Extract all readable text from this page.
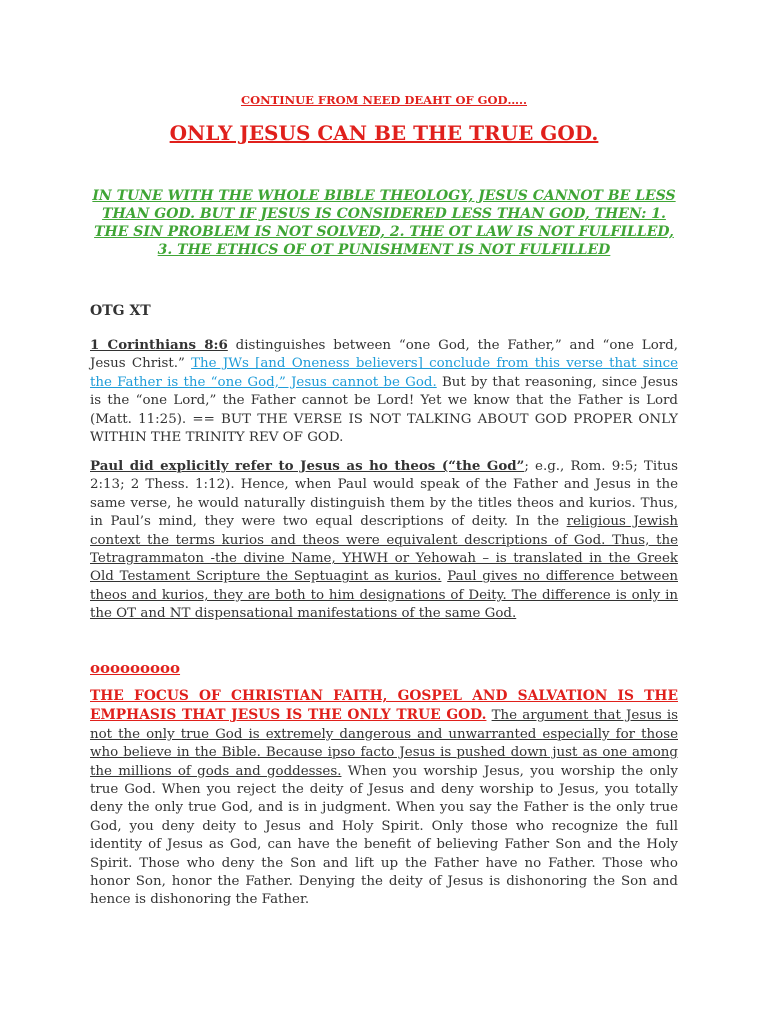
CONTINUE FROM NEED DEAHT OF GOD…..

ONLY JESUS CAN BE THE TRUE GOD.

IN TUNE WITH THE WHOLE BIBLE THEOLOGY, JESUS CANNOT BE LESS THAN GOD. BUT IF JESUS IS CONSIDERED LESS THAN GOD, THEN: 1. THE SIN PROBLEM IS NOT SOLVED, 2. THE OT LAW IS NOT FULFILLED, 3. THE ETHICS OF OT PUNISHMENT IS NOT FULFILLED

OTG XT

1 Corinthians 8:6 distinguishes between “one God, the Father,” and “one Lord, Jesus Christ.” The JWs [and Oneness believers] conclude from this verse that since the Father is the “one God,” Jesus cannot be God. But by that reasoning, since Jesus is the “one Lord,” the Father cannot be Lord! Yet we know that the Father is Lord (Matt. 11:25). == BUT THE VERSE IS NOT TALKING ABOUT GOD PROPER ONLY WITHIN THE TRINITY REV OF GOD.

Paul did explicitly refer to Jesus as ho theos (“the God”; e.g., Rom. 9:5; Titus 2:13; 2 Thess. 1:12). Hence, when Paul would speak of the Father and Jesus in the same verse, he would naturally distinguish them by the titles theos and kurios. Thus, in Paul’s mind, they were two equal descriptions of deity. In the religious Jewish context the terms kurios and theos were equivalent descriptions of God. Thus, the Tetragrammaton -the divine Name, YHWH or Yehowah – is translated in the Greek Old Testament Scripture the Septuagint as kurios. Paul gives no difference between theos and kurios, they are both to him designations of Deity. The difference is only in the OT and NT dispensational manifestations of the same God.

ooooooooo

THE FOCUS OF CHRISTIAN FAITH, GOSPEL AND SALVATION IS THE EMPHASIS THAT JESUS IS THE ONLY TRUE GOD. The argument that Jesus is not the only true God is extremely dangerous and unwarranted especially for those who believe in the Bible. Because ipso facto Jesus is pushed down just as one among the millions of gods and goddesses. When you worship Jesus, you worship the only true God. When you reject the deity of Jesus and deny worship to Jesus, you totally deny the only true God, and is in judgment. When you say the Father is the only true God, you deny deity to Jesus and Holy Spirit. Only those who recognize the full identity of Jesus as God, can have the benefit of believing Father Son and the Holy Spirit. Those who deny the Son and lift up the Father have no Father. Those who honor Son, honor the Father. Denying the deity of Jesus is dishonoring the Son and hence is dishonoring the Father.
